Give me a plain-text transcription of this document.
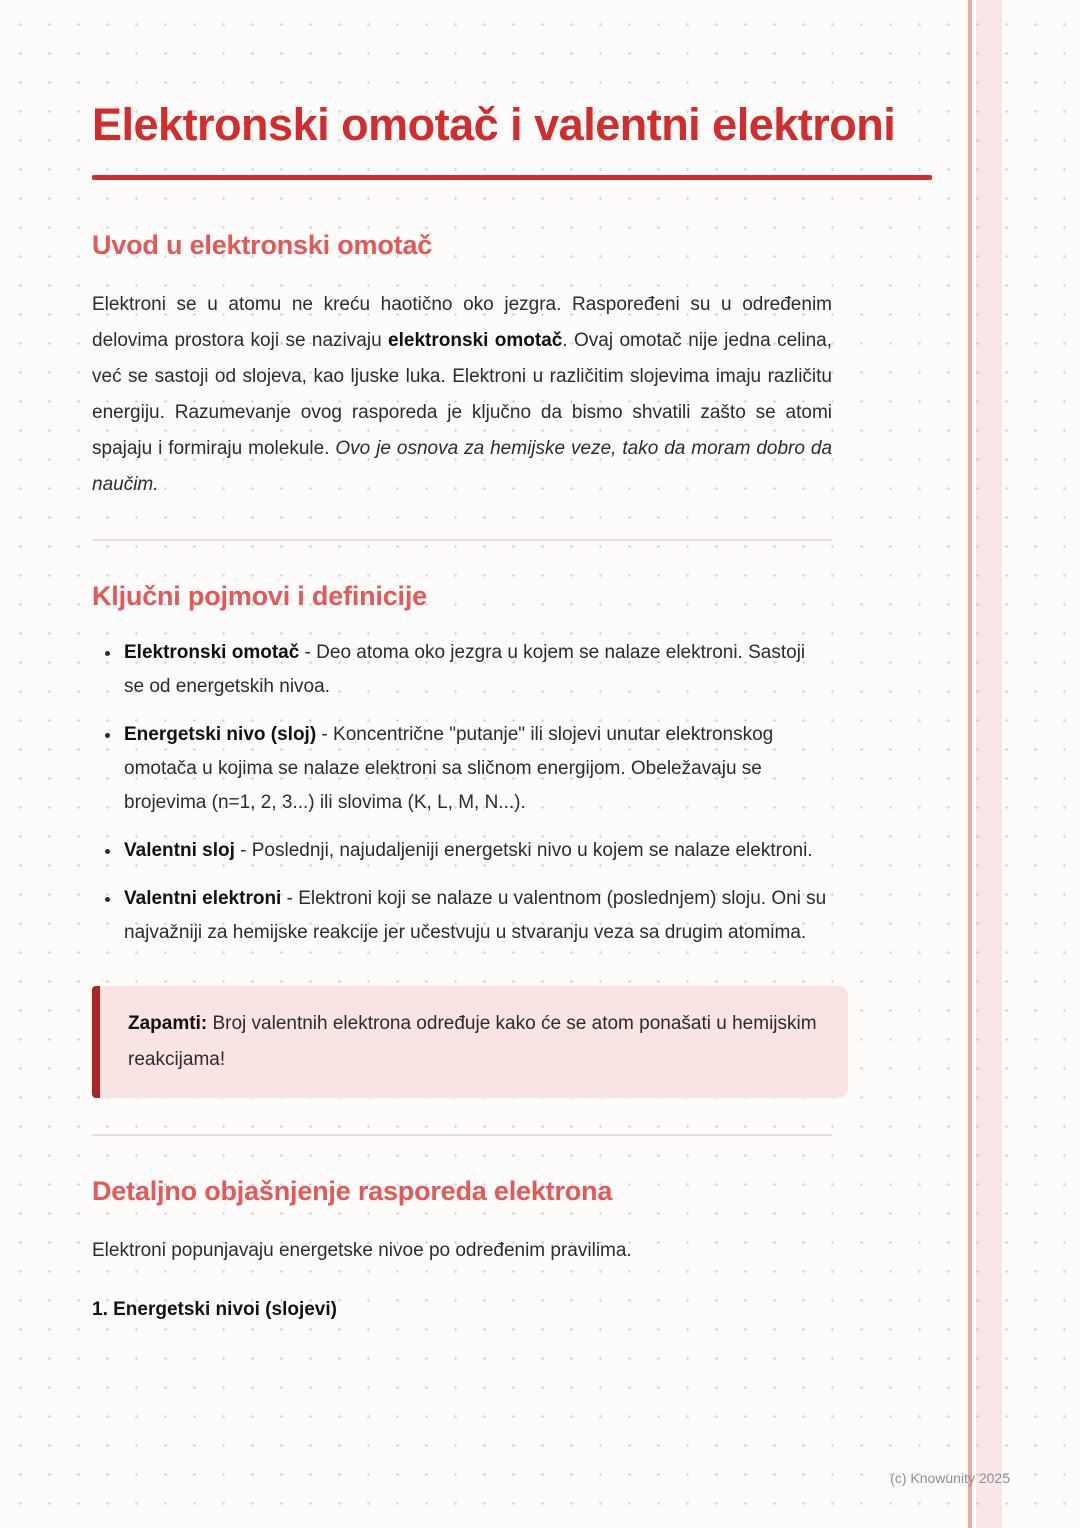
Elektronski omotač i valentni elektroni
Uvod u elektronski omotač

Elektroni se u atomu ne kreću haotično oko jezgra. Raspoređeni su u određenim delovima prostora koji se nazivaju elektronski omotač. Ovaj omotač nije jedna celina, već se sastoji od slojeva, kao ljuske luka. Elektroni u različitim slojevima imaju različitu energiju. Razumevanje ovog rasporeda je ključno da bismo shvatili zašto se atomi spajaju i formiraju molekule. Ovo je osnova za hemijske veze, tako da moram dobro da naučim.

Ključni pojmovi i definicije
• Elektronski omotač - Deo atoma oko jezgra u kojem se nalaze elektroni. Sastoji se od energetskih nivoa.
• Energetski nivo (sloj) - Koncentrične "putanje" ili slojevi unutar elektronskog omotača u kojima se nalaze elektroni sa sličnom energijom. Obeležavaju se brojevima (n=1, 2, 3...) ili slovima (K, L, M, N...).
• Valentni sloj - Poslednji, najudaljeniji energetski nivo u kojem se nalaze elektroni.
• Valentni elektroni - Elektroni koji se nalaze u valentnom (poslednjem) sloju. Oni su najvažniji za hemijske reakcije jer učestvuju u stvaranju veza sa drugim atomima.

Zapamti: Broj valentnih elektrona određuje kako će se atom ponašati u hemijskim reakcijama!

Detaljno objašnjenje rasporeda elektrona

Elektroni popunjavaju energetske nivoe po određenim pravilima.

1. Energetski nivoi (slojevi)

(c) Knowunity 2025
